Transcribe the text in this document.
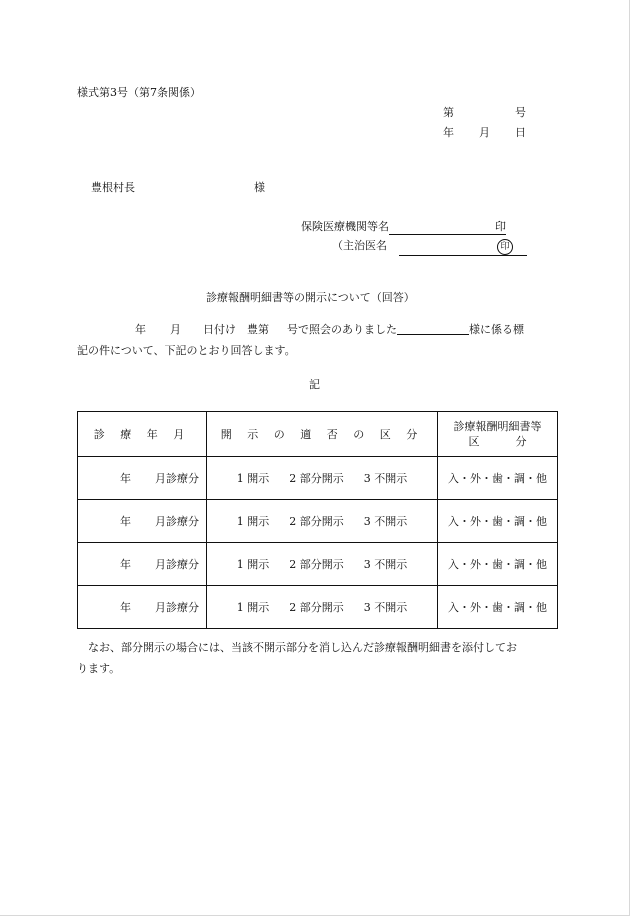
様式第3号（第7条関係）
第	号
年 月 日
豊根村長	様
保険医療機関等名	印
（主治医名	印
診療報酬明細書等の開示について（回答）
年 月 日付け 豊第 号で照会のありました	様に係る標
記の件について、下記のとおり回答します。
記
診 療 年 月	開 示 の 適 否 の 区 分	診療報酬明細書等
区 分

年 月診療分	1 開示 2 部分開示 3 不開示	入・外・歯・調・他
年 月診療分	1 開示 2 部分開示 3 不開示	入・外・歯・調・他
年 月診療分	1 開示 2 部分開示 3 不開示	入・外・歯・調・他
年 月診療分	1 開示 2 部分開示 3 不開示	入・外・歯・調・他
なお、部分開示の場合には、当該不開示部分を消し込んだ診療報酬明細書を添付してお
ります。
